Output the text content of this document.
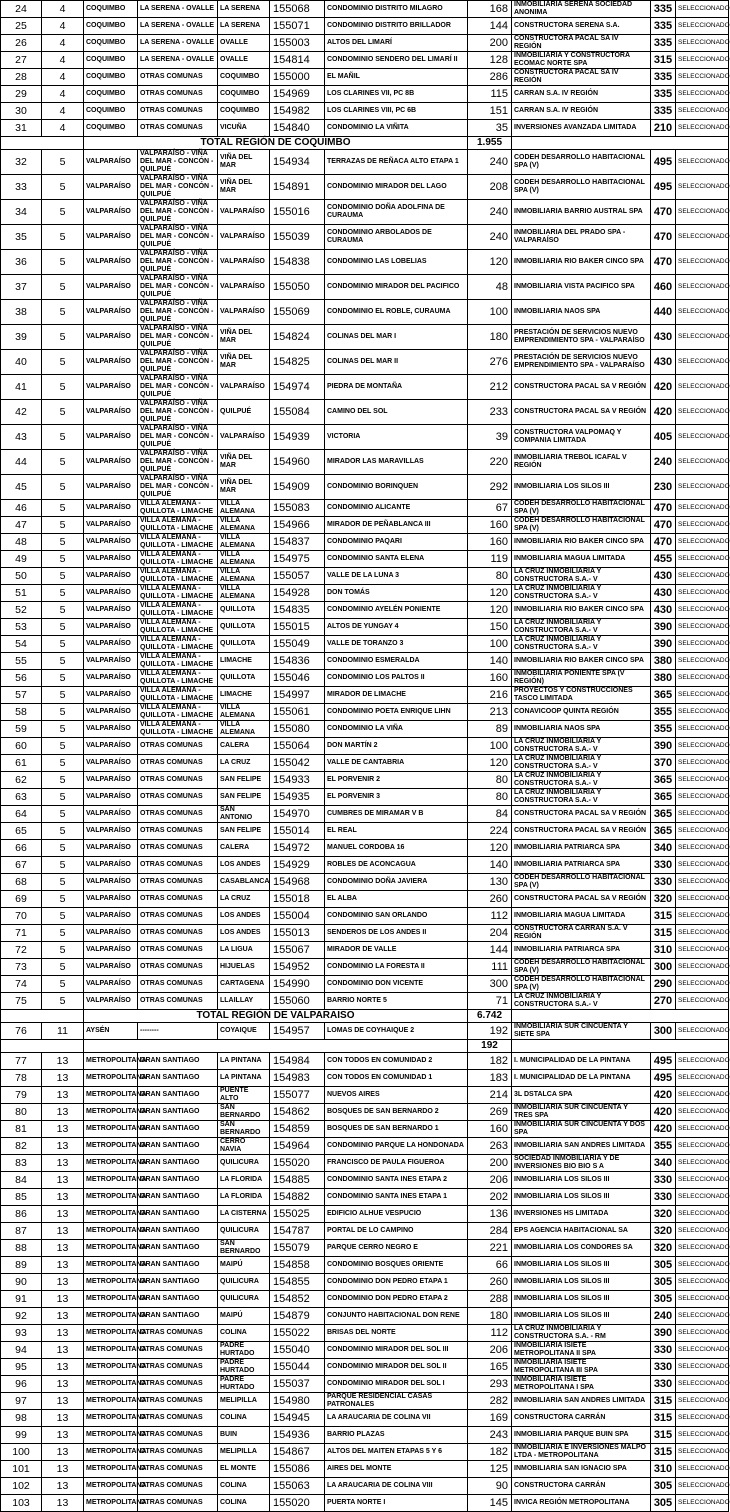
24	4	COQUIMBO	LA SERENA - OVALLE	LA SERENA	155068	CONDOMINIO DISTRITO MILAGRO	168	INMOBILIARIA SERENA SOCIEDAD ANONIMA	335	SELECCIONADO
25	4	COQUIMBO	LA SERENA - OVALLE	LA SERENA	155071	CONDOMINIO DISTRITO BRILLADOR	144	CONSTRUCTORA SERENA S.A.	335	SELECCIONADO
26	4	COQUIMBO	LA SERENA - OVALLE	OVALLE	155003	ALTOS DEL LIMARÍ	200	CONSTRUCTORA PACAL SA IV REGIÓN	335	SELECCIONADO
27	4	COQUIMBO	LA SERENA - OVALLE	OVALLE	154814	CONDOMINIO SENDERO DEL LIMARÍ II	128	INMOBILIARIA Y CONSTRUCTORA ECOMAC NORTE SPA	315	SELECCIONADO
28	4	COQUIMBO	OTRAS COMUNAS	COQUIMBO	155000	EL MAÑIL	286	CONSTRUCTORA PACAL SA IV REGIÓN	335	SELECCIONADO
29	4	COQUIMBO	OTRAS COMUNAS	COQUIMBO	154969	LOS CLARINES VII, PC 8B	115	CARRAN S.A. IV REGIÓN	335	SELECCIONADO
30	4	COQUIMBO	OTRAS COMUNAS	COQUIMBO	154982	LOS CLARINES VIII, PC 6B	151	CARRAN S.A. IV REGIÓN	335	SELECCIONADO
31	4	COQUIMBO	OTRAS COMUNAS	VICUÑA	154840	CONDOMINIO LA VIÑITA	35	INVERSIONES AVANZADA LIMITADA	210	SELECCIONADO
		TOTAL REGIÓN DE COQUIMBO					1.955			
32	5	VALPARAÍSO	VALPARAÍSO - VIÑA DEL MAR - CONCÓN - QUILPUÉ	VIÑA DEL MAR	154934	TERRAZAS DE REÑACA ALTO ETAPA 1	240	CODEH DESARROLLO HABITACIONAL SPA (V)	495	SELECCIONADO
33	5	VALPARAÍSO	VALPARAÍSO - VIÑA DEL MAR - CONCÓN - QUILPUÉ	VIÑA DEL MAR	154891	CONDOMINIO MIRADOR DEL LAGO	208	CODEH DESARROLLO HABITACIONAL SPA (V)	495	SELECCIONADO
34	5	VALPARAÍSO	VALPARAÍSO - VIÑA DEL MAR - CONCÓN - QUILPUÉ	VALPARAÍSO	155016	CONDOMINIO DOÑA ADOLFINA DE CURAUMA	240	INMOBILIARIA BARRIO AUSTRAL SPA	470	SELECCIONADO
35	5	VALPARAÍSO	VALPARAÍSO - VIÑA DEL MAR - CONCÓN - QUILPUÉ	VALPARAÍSO	155039	CONDOMINIO ARBOLADOS DE CURAUMA	240	INMOBILIARIA DEL PRADO SPA - VALPARAÍSO	470	SELECCIONADO
36	5	VALPARAÍSO	VALPARAÍSO - VIÑA DEL MAR - CONCÓN - QUILPUÉ	VALPARAÍSO	154838	CONDOMINIO LAS LOBELIAS	120	INMOBILIARIA RIO BAKER CINCO SPA	470	SELECCIONADO
37	5	VALPARAÍSO	VALPARAÍSO - VIÑA DEL MAR - CONCÓN - QUILPUÉ	VALPARAÍSO	155050	CONDOMINIO MIRADOR DEL PACIFICO	48	INMOBILIARIA VISTA PACIFICO SPA	460	SELECCIONADO
38	5	VALPARAÍSO	VALPARAÍSO - VIÑA DEL MAR - CONCÓN - QUILPUÉ	VALPARAÍSO	155069	CONDOMINIO EL ROBLE, CURAUMA	100	INMOBILIARIA NAOS SPA	440	SELECCIONADO
39	5	VALPARAÍSO	VALPARAÍSO - VIÑA DEL MAR - CONCÓN - QUILPUÉ	VIÑA DEL MAR	154824	COLINAS DEL MAR I	180	PRESTACIÓN DE SERVICIOS NUEVO EMPRENDIMIENTO SPA - VALPARAÍSO	430	SELECCIONADO
40	5	VALPARAÍSO	VALPARAÍSO - VIÑA DEL MAR - CONCÓN - QUILPUÉ	VIÑA DEL MAR	154825	COLINAS DEL MAR II	276	PRESTACIÓN DE SERVICIOS NUEVO EMPRENDIMIENTO SPA - VALPARAÍSO	430	SELECCIONADO
41	5	VALPARAÍSO	VALPARAÍSO - VIÑA DEL MAR - CONCÓN - QUILPUÉ	VALPARAÍSO	154974	PIEDRA DE MONTAÑA	212	CONSTRUCTORA PACAL SA V REGIÓN	420	SELECCIONADO
42	5	VALPARAÍSO	VALPARAÍSO - VIÑA DEL MAR - CONCÓN - QUILPUÉ	QUILPUÉ	155084	CAMINO DEL SOL	233	CONSTRUCTORA PACAL SA V REGIÓN	420	SELECCIONADO
43	5	VALPARAÍSO	VALPARAÍSO - VIÑA DEL MAR - CONCÓN - QUILPUÉ	VALPARAÍSO	154939	VICTORIA	39	CONSTRUCTORA VALPOMAQ Y COMPANIA LIMITADA	405	SELECCIONADO
44	5	VALPARAÍSO	VALPARAÍSO - VIÑA DEL MAR - CONCÓN - QUILPUÉ	VIÑA DEL MAR	154960	MIRADOR LAS MARAVILLAS	220	INMOBILIARIA TREBOL ICAFAL V REGIÓN	240	SELECCIONADO
45	5	VALPARAÍSO	VALPARAÍSO - VIÑA DEL MAR - CONCÓN - QUILPUÉ	VIÑA DEL MAR	154909	CONDOMINIO BORINQUEN	292	INMOBILIARIA LOS SILOS III	230	SELECCIONADO
46	5	VALPARAÍSO	VILLA ALEMANA - QUILLOTA - LIMACHE	VILLA ALEMANA	155083	CONDOMINIO ALICANTE	67	CODEH DESARROLLO HABITACIONAL SPA (V)	470	SELECCIONADO
47	5	VALPARAÍSO	VILLA ALEMANA - QUILLOTA - LIMACHE	VILLA ALEMANA	154966	MIRADOR DE PEÑABLANCA III	160	CODEH DESARROLLO HABITACIONAL SPA (V)	470	SELECCIONADO
48	5	VALPARAÍSO	VILLA ALEMANA - QUILLOTA - LIMACHE	VILLA ALEMANA	154837	CONDOMINIO PAQARI	160	INMOBILIARIA RIO BAKER CINCO SPA	470	SELECCIONADO
49	5	VALPARAÍSO	VILLA ALEMANA - QUILLOTA - LIMACHE	VILLA ALEMANA	154975	CONDOMINIO SANTA ELENA	119	INMOBILIARIA MAGUA LIMITADA	455	SELECCIONADO
50	5	VALPARAÍSO	VILLA ALEMANA - QUILLOTA - LIMACHE	VILLA ALEMANA	155057	VALLE DE LA LUNA 3	80	LA CRUZ INMOBILIARIA Y CONSTRUCTORA S.A.- V	430	SELECCIONADO
51	5	VALPARAÍSO	VILLA ALEMANA - QUILLOTA - LIMACHE	VILLA ALEMANA	154928	DON TOMÁS	120	LA CRUZ INMOBILIARIA Y CONSTRUCTORA S.A.- V	430	SELECCIONADO
52	5	VALPARAÍSO	VILLA ALEMANA - QUILLOTA - LIMACHE	QUILLOTA	154835	CONDOMINIO AYELÉN PONIENTE	120	INMOBILIARIA RIO BAKER CINCO SPA	430	SELECCIONADO
53	5	VALPARAÍSO	VILLA ALEMANA - QUILLOTA - LIMACHE	QUILLOTA	155015	ALTOS DE YUNGAY 4	150	LA CRUZ INMOBILIARIA Y CONSTRUCTORA S.A.- V	390	SELECCIONADO
54	5	VALPARAÍSO	VILLA ALEMANA - QUILLOTA - LIMACHE	QUILLOTA	155049	VALLE DE TORANZO 3	100	LA CRUZ INMOBILIARIA Y CONSTRUCTORA S.A.- V	390	SELECCIONADO
55	5	VALPARAÍSO	VILLA ALEMANA - QUILLOTA - LIMACHE	LIMACHE	154836	CONDOMINIO ESMERALDA	140	INMOBILIARIA RIO BAKER CINCO SPA	380	SELECCIONADO
56	5	VALPARAÍSO	VILLA ALEMANA - QUILLOTA - LIMACHE	QUILLOTA	155046	CONDOMINIO LOS PALTOS II	160	INMOBILIARIA PONIENTE SPA (V REGIÓN)	380	SELECCIONADO
57	5	VALPARAÍSO	VILLA ALEMANA - QUILLOTA - LIMACHE	LIMACHE	154997	MIRADOR DE LIMACHE	216	PROYECTOS Y CONSTRUCCIONES TASCO LIMITADA	365	SELECCIONADO
58	5	VALPARAÍSO	VILLA ALEMANA - QUILLOTA - LIMACHE	VILLA ALEMANA	155061	CONDOMINIO POETA ENRIQUE LIHN	213	CONAVICOOP QUINTA REGIÓN	355	SELECCIONADO
59	5	VALPARAÍSO	VILLA ALEMANA - QUILLOTA - LIMACHE	VILLA ALEMANA	155080	CONDOMINIO LA VIÑA	89	INMOBILIARIA NAOS SPA	355	SELECCIONADO
60	5	VALPARAÍSO	OTRAS COMUNAS	CALERA	155064	DON MARTÍN 2	100	LA CRUZ INMOBILIARIA Y CONSTRUCTORA S.A.- V	390	SELECCIONADO
61	5	VALPARAÍSO	OTRAS COMUNAS	LA CRUZ	155042	VALLE DE CANTABRIA	120	LA CRUZ INMOBILIARIA Y CONSTRUCTORA S.A.- V	370	SELECCIONADO
62	5	VALPARAÍSO	OTRAS COMUNAS	SAN FELIPE	154933	EL PORVENIR 2	80	LA CRUZ INMOBILIARIA Y CONSTRUCTORA S.A.- V	365	SELECCIONADO
63	5	VALPARAÍSO	OTRAS COMUNAS	SAN FELIPE	154935	EL PORVENIR 3	80	LA CRUZ INMOBILIARIA Y CONSTRUCTORA S.A.- V	365	SELECCIONADO
64	5	VALPARAÍSO	OTRAS COMUNAS	SAN ANTONIO	154970	CUMBRES DE MIRAMAR V B	84	CONSTRUCTORA PACAL SA V REGIÓN	365	SELECCIONADO
65	5	VALPARAÍSO	OTRAS COMUNAS	SAN FELIPE	155014	EL REAL	224	CONSTRUCTORA PACAL SA V REGIÓN	365	SELECCIONADO
66	5	VALPARAÍSO	OTRAS COMUNAS	CALERA	154972	MANUEL CORDOBA 16	120	INMOBILIARIA PATRIARCA SPA	340	SELECCIONADO
67	5	VALPARAÍSO	OTRAS COMUNAS	LOS ANDES	154929	ROBLES DE ACONCAGUA	140	INMOBILIARIA PATRIARCA SPA	330	SELECCIONADO
68	5	VALPARAÍSO	OTRAS COMUNAS	CASABLANCA	154968	CONDOMINIO DOÑA JAVIERA	130	CODEH DESARROLLO HABITACIONAL SPA (V)	330	SELECCIONADO
69	5	VALPARAÍSO	OTRAS COMUNAS	LA CRUZ	155018	EL ALBA	260	CONSTRUCTORA PACAL SA V REGIÓN	320	SELECCIONADO
70	5	VALPARAÍSO	OTRAS COMUNAS	LOS ANDES	155004	CONDOMINIO SAN ORLANDO	112	INMOBILIARIA MAGUA LIMITADA	315	SELECCIONADO
71	5	VALPARAÍSO	OTRAS COMUNAS	LOS ANDES	155013	SENDEROS DE LOS ANDES II	204	CONSTRUCTORA CARRAN S.A. V REGIÓN	315	SELECCIONADO
72	5	VALPARAÍSO	OTRAS COMUNAS	LA LIGUA	155067	MIRADOR DE VALLE	144	INMOBILIARIA PATRIARCA SPA	310	SELECCIONADO
73	5	VALPARAÍSO	OTRAS COMUNAS	HIJUELAS	154952	CONDOMINIO LA FORESTA II	111	CODEH DESARROLLO HABITACIONAL SPA (V)	300	SELECCIONADO
74	5	VALPARAÍSO	OTRAS COMUNAS	CARTAGENA	154990	CONDOMINIO DON VICENTE	300	CODEH DESARROLLO HABITACIONAL SPA (V)	290	SELECCIONADO
75	5	VALPARAÍSO	OTRAS COMUNAS	LLAILLAY	155060	BARRIO NORTE 5	71	LA CRUZ INMOBILIARIA Y CONSTRUCTORA S.A.- V	270	SELECCIONADO
		TOTAL REGIÓN DE VALPARAISO					6.742			
76	11	AYSÉN	--------	COYAIQUE	154957	LOMAS DE COYHAIQUE 2	192	INMOBILIARIA SUR CINCUENTA Y SIETE SPA	300	SELECCIONADO
							192			
77	13	METROPOLITANA	GRAN SANTIAGO	LA PINTANA	154984	CON TODOS EN COMUNIDAD 2	182	I. MUNICIPALIDAD DE LA PINTANA	495	SELECCIONADO
78	13	METROPOLITANA	GRAN SANTIAGO	LA PINTANA	154983	CON TODOS EN COMUNIDAD 1	183	I. MUNICIPALIDAD DE LA PINTANA	495	SELECCIONADO
79	13	METROPOLITANA	GRAN SANTIAGO	PUENTE ALTO	155077	NUEVOS AIRES	214	3L DSTALCA SPA	420	SELECCIONADO
80	13	METROPOLITANA	GRAN SANTIAGO	SAN BERNARDO	154862	BOSQUES DE SAN BERNARDO 2	269	INMOBILIARIA SUR CINCUENTA Y TRES SPA	420	SELECCIONADO
81	13	METROPOLITANA	GRAN SANTIAGO	SAN BERNARDO	154859	BOSQUES DE SAN BERNARDO 1	160	INMOBILIARIA SUR CINCUENTA Y DOS SPA	420	SELECCIONADO
82	13	METROPOLITANA	GRAN SANTIAGO	CERRO NAVIA	154964	CONDOMINIO PARQUE LA HONDONADA	263	INMOBILIARIA SAN ANDRES LIMITADA	355	SELECCIONADO
83	13	METROPOLITANA	GRAN SANTIAGO	QUILICURA	155020	FRANCISCO DE PAULA FIGUEROA	200	SOCIEDAD INMOBILIARIA Y DE INVERSIONES BIO BIO S A	340	SELECCIONADO
84	13	METROPOLITANA	GRAN SANTIAGO	LA FLORIDA	154885	CONDOMINIO SANTA INES ETAPA 2	206	INMOBILIARIA LOS SILOS III	330	SELECCIONADO
85	13	METROPOLITANA	GRAN SANTIAGO	LA FLORIDA	154882	CONDOMINIO SANTA INES ETAPA 1	202	INMOBILIARIA LOS SILOS III	330	SELECCIONADO
86	13	METROPOLITANA	GRAN SANTIAGO	LA CISTERNA	155025	EDIFICIO ALHUE VESPUCIO	136	INVERSIONES HS LIMITADA	320	SELECCIONADO
87	13	METROPOLITANA	GRAN SANTIAGO	QUILICURA	154787	PORTAL DE LO CAMPINO	284	EPS AGENCIA HABITACIONAL SA	320	SELECCIONADO
88	13	METROPOLITANA	GRAN SANTIAGO	SAN BERNARDO	155079	PARQUE CERRO NEGRO E	221	INMOBILIARIA LOS CONDORES SA	320	SELECCIONADO
89	13	METROPOLITANA	GRAN SANTIAGO	MAIPÚ	154858	CONDOMINIO BOSQUES ORIENTE	66	INMOBILIARIA LOS SILOS III	305	SELECCIONADO
90	13	METROPOLITANA	GRAN SANTIAGO	QUILICURA	154855	CONDOMINIO DON PEDRO ETAPA 1	260	INMOBILIARIA LOS SILOS III	305	SELECCIONADO
91	13	METROPOLITANA	GRAN SANTIAGO	QUILICURA	154852	CONDOMINIO DON PEDRO ETAPA 2	288	INMOBILIARIA LOS SILOS III	305	SELECCIONADO
92	13	METROPOLITANA	GRAN SANTIAGO	MAIPÚ	154879	CONJUNTO HABITACIONAL DON RENE	180	INMOBILIARIA LOS SILOS III	240	SELECCIONADO
93	13	METROPOLITANA	OTRAS COMUNAS	COLINA	155022	BRISAS DEL NORTE	112	LA CRUZ INMOBILIARIA Y CONSTRUCTORA S.A. - RM	390	SELECCIONADO
94	13	METROPOLITANA	OTRAS COMUNAS	PADRE HURTADO	155040	CONDOMINIO MIRADOR DEL SOL III	206	INMOBILIARIA ISIETE METROPOLITANA II SPA	330	SELECCIONADO
95	13	METROPOLITANA	OTRAS COMUNAS	PADRE HURTADO	155044	CONDOMINIO MIRADOR DEL SOL II	165	INMOBILIARIA ISIETE METROPOLITANA III SPA	330	SELECCIONADO
96	13	METROPOLITANA	OTRAS COMUNAS	PADRE HURTADO	155037	CONDOMINIO MIRADOR DEL SOL I	293	INMOBILIARIA ISIETE METROPOLITANA I SPA	330	SELECCIONADO
97	13	METROPOLITANA	OTRAS COMUNAS	MELIPILLA	154980	PARQUE RESIDENCIAL CASAS PATRONALES	282	INMOBILIARIA SAN ANDRES LIMITADA	315	SELECCIONADO
98	13	METROPOLITANA	OTRAS COMUNAS	COLINA	154945	LA ARAUCARIA DE COLINA VII	169	CONSTRUCTORA CARRÁN	315	SELECCIONADO
99	13	METROPOLITANA	OTRAS COMUNAS	BUIN	154936	BARRIO PLAZAS	243	INMOBILIARIA PARQUE BUIN SPA	315	SELECCIONADO
100	13	METROPOLITANA	OTRAS COMUNAS	MELIPILLA	154867	ALTOS DEL MAITEN ETAPAS 5 Y 6	182	INMOBILIARIA E INVERSIONES MALPO LTDA - METROPOLITANA	315	SELECCIONADO
101	13	METROPOLITANA	OTRAS COMUNAS	EL MONTE	155086	AIRES DEL MONTE	125	INMOBILIARIA SAN IGNACIO SPA	310	SELECCIONADO
102	13	METROPOLITANA	OTRAS COMUNAS	COLINA	155063	LA ARAUCARIA DE COLINA VIII	90	CONSTRUCTORA CARRÁN	305	SELECCIONADO
103	13	METROPOLITANA	OTRAS COMUNAS	COLINA	155020	PUERTA NORTE I	145	INVICA REGIÓN METROPOLITANA	305	SELECCIONADO
